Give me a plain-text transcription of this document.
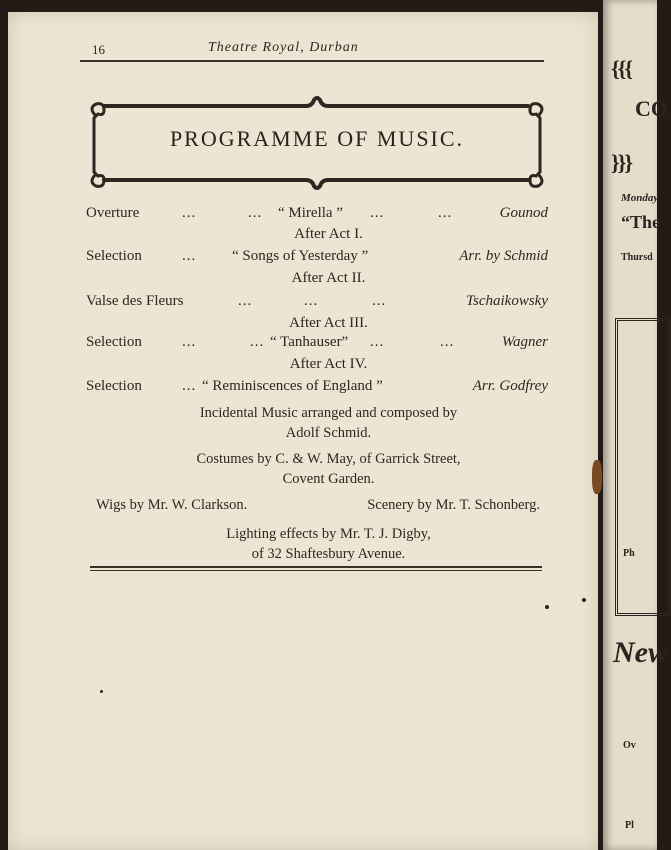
{{{
CO
}}}
Monday
“The
Thursd
Ph
New
Ov
Pl
16	Theatre Royal, Durban
PROGRAMME OF MUSIC.
Overture	...	... “ Mirella ” ...	...	Gounod
After Act I.
Selection	... “ Songs of Yesterday ”	Arr. by Schmid
After Act II.
Valse des Fleurs	...	...	...	Tschaikowsky
After Act III.
Selection	...	... “ Tanhauser” ...	...	Wagner
After Act IV.
Selection	... “ Reminiscences of England ”	Arr. Godfrey
Incidental Music arranged and composed by
Adolf Schmid.
Costumes by C. & W. May, of Garrick Street,
Covent Garden.
Wigs by Mr. W. Clarkson.	Scenery by Mr. T. Schonberg.
Lighting effects by Mr. T. J. Digby,
of 32 Shaftesbury Avenue.
